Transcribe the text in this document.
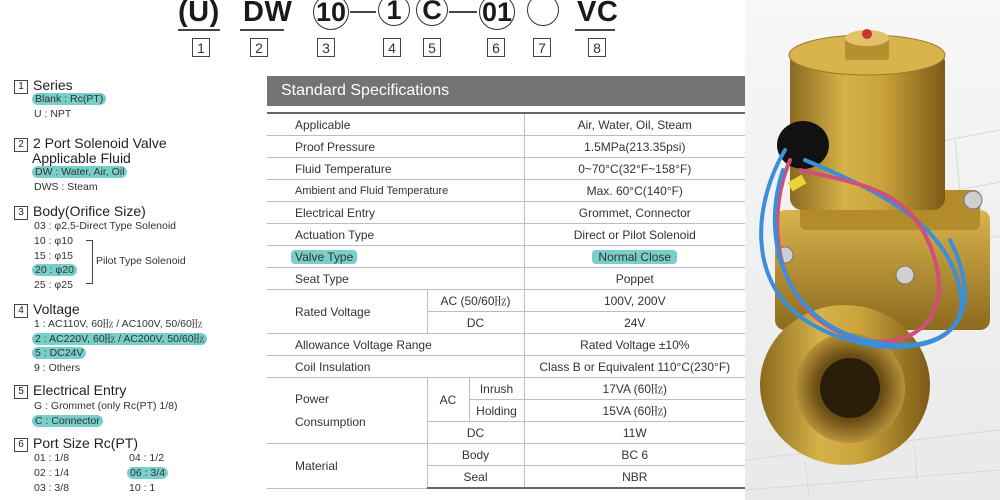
(U) DW 10 1 C 01 VC
1	2	3	4	5	6	7	8
1 Series
Blank : Rc(PT)
U : NPT
2 2 Port Solenoid Valve
Applicable Fluid
DW : Water, Air, Oil
DWS : Steam
3 Body(Orifice Size)
03 : φ2.5-Direct Type Solenoid
10 : φ10
15 : φ15
20 : φ20
25 : φ25
Pilot Type Solenoid
4 Voltage
1 : AC110V, 60㎐ / AC100V, 50/60㎐
2 : AC220V, 60㎐ / AC200V, 50/60㎐
5 : DC24V
9 : Others
5 Electrical Entry
G : Grommet (only Rc(PT) 1/8)
C : Connector
6 Port Size Rc(PT)
01 : 1/8
02 : 1/4
03 : 3/8
04 : 1/2
06 : 3/4
10 : 1
Standard Specifications
Applicable			Air, Water, Oil, Steam
Proof Pressure			1.5MPa(213.35psi)
Fluid Temperature			0~70°C(32°F~158°F)
Ambient and Fluid Temperature			Max. 60°C(140°F)
Electrical Entry			Grommet, Connector
Actuation Type			Direct or Pilot Solenoid
Valve Type			Normal Close
Seat Type			Poppet
Rated Voltage	AC (50/60㎐)		100V, 200V
	DC		24V
Allowance Voltage Range			Rated Voltage ±10%
Coil Insulation			Class B or Equivalent 110°C(230°F)
Power
Consumption	AC	Inrush	17VA (60㎐)
		Holding	15VA (60㎐)
	DC		11W
Material	Body		BC 6
	Seal		NBR
